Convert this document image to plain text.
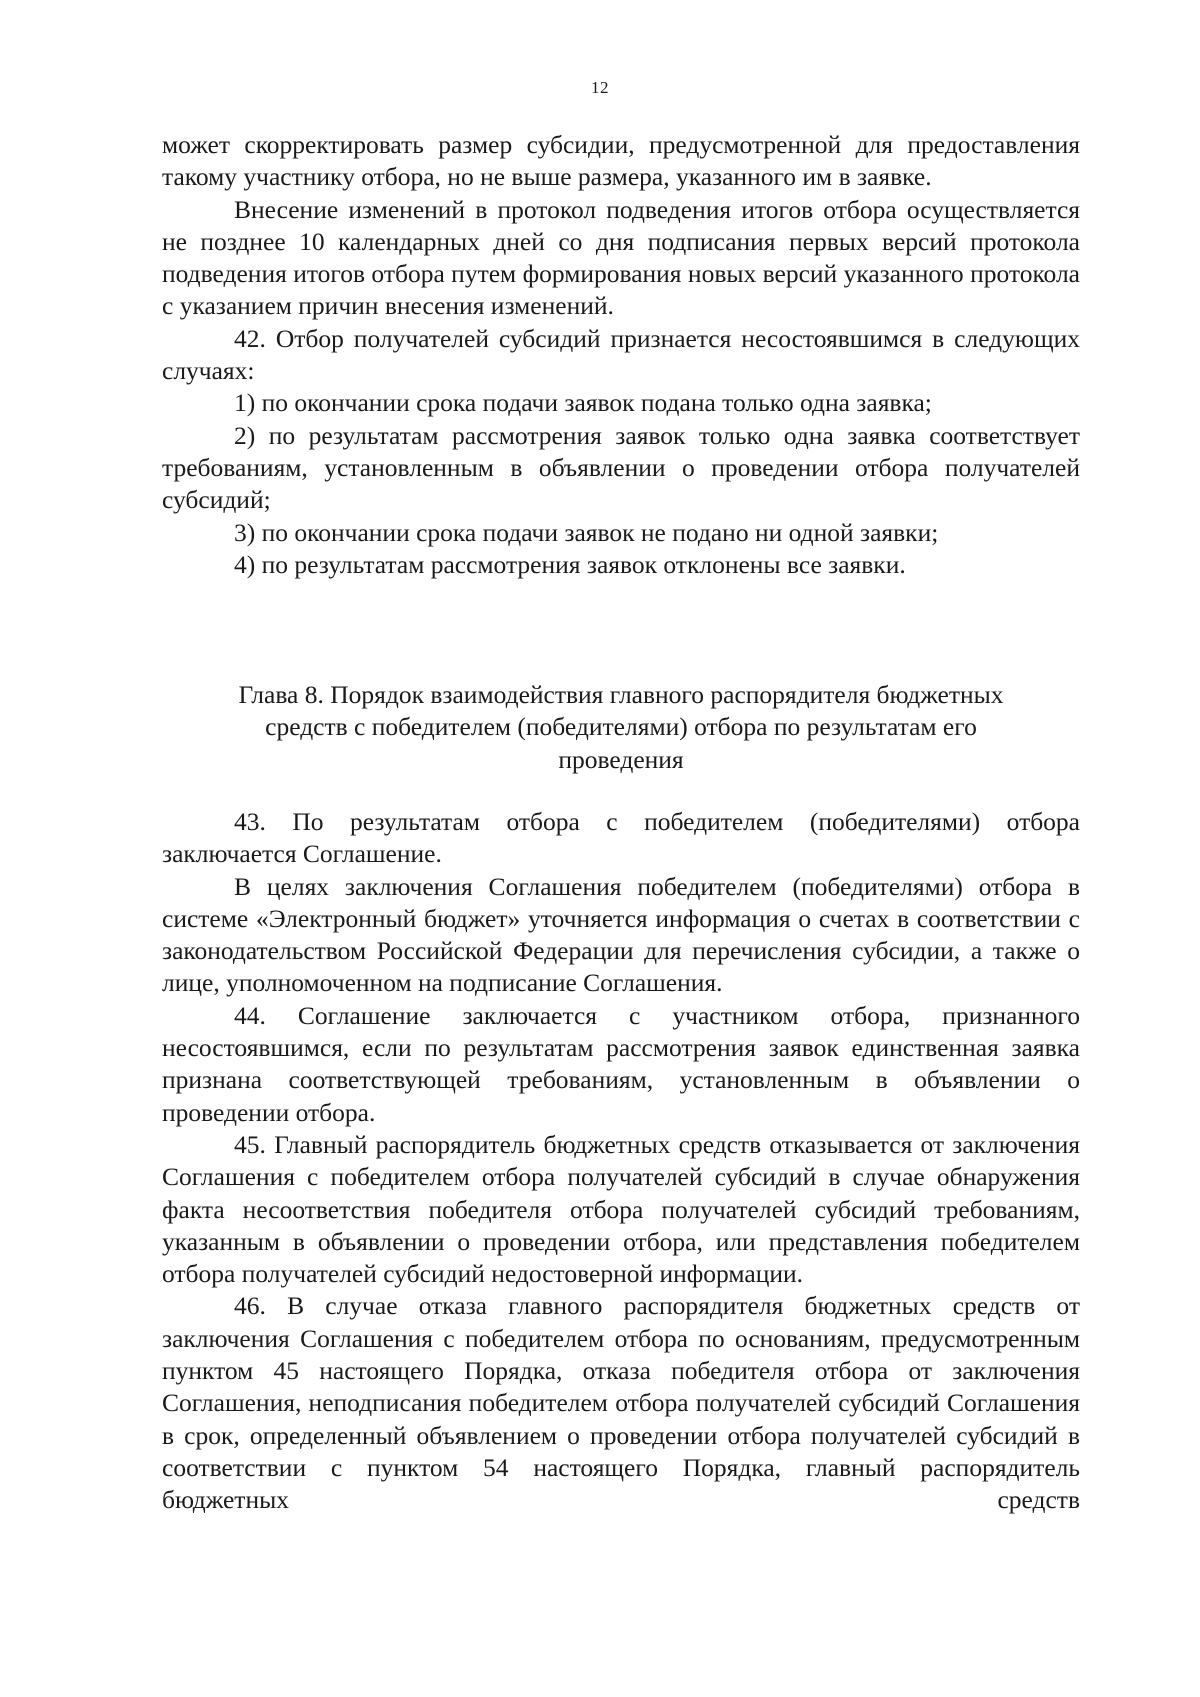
12

может скорректировать размер субсидии, предусмотренной для предоставления такому участнику отбора, но не выше размера, указанного им в заявке.

Внесение изменений в протокол подведения итогов отбора осуществляется не позднее 10 календарных дней со дня подписания первых версий протокола подведения итогов отбора путем формирования новых версий указанного протокола с указанием причин внесения изменений.

42. Отбор получателей субсидий признается несостоявшимся в следующих случаях:

1) по окончании срока подачи заявок подана только одна заявка;

2) по результатам рассмотрения заявок только одна заявка соответствует требованиям, установленным в объявлении о проведении отбора получателей субсидий;

3) по окончании срока подачи заявок не подано ни одной заявки;

4) по результатам рассмотрения заявок отклонены все заявки.

Глава 8. Порядок взаимодействия главного распорядителя бюджетных
средств с победителем (победителями) отбора по результатам его
проведения

43. По результатам отбора с победителем (победителями) отбора заключается Соглашение.

В целях заключения Соглашения победителем (победителями) отбора в системе «Электронный бюджет» уточняется информация о счетах в соответствии с законодательством Российской Федерации для перечисления субсидии, а также о лице, уполномоченном на подписание Соглашения.

44. Соглашение заключается с участником отбора, признанного несостоявшимся, если по результатам рассмотрения заявок единственная заявка признана соответствующей требованиям, установленным в объявлении о проведении отбора.

45. Главный распорядитель бюджетных средств отказывается от заключения Соглашения с победителем отбора получателей субсидий в случае обнаружения факта несоответствия победителя отбора получателей субсидий требованиям, указанным в объявлении о проведении отбора, или представления победителем отбора получателей субсидий недостоверной информации.

46. В случае отказа главного распорядителя бюджетных средств от заключения Соглашения с победителем отбора по основаниям, предусмотренным пунктом 45 настоящего Порядка, отказа победителя отбора от заключения Соглашения, неподписания победителем отбора получателей субсидий Соглашения в срок, определенный объявлением о проведении отбора получателей субсидий в соответствии с пунктом 54 настоящего Порядка, главный распорядитель бюджетных средств
